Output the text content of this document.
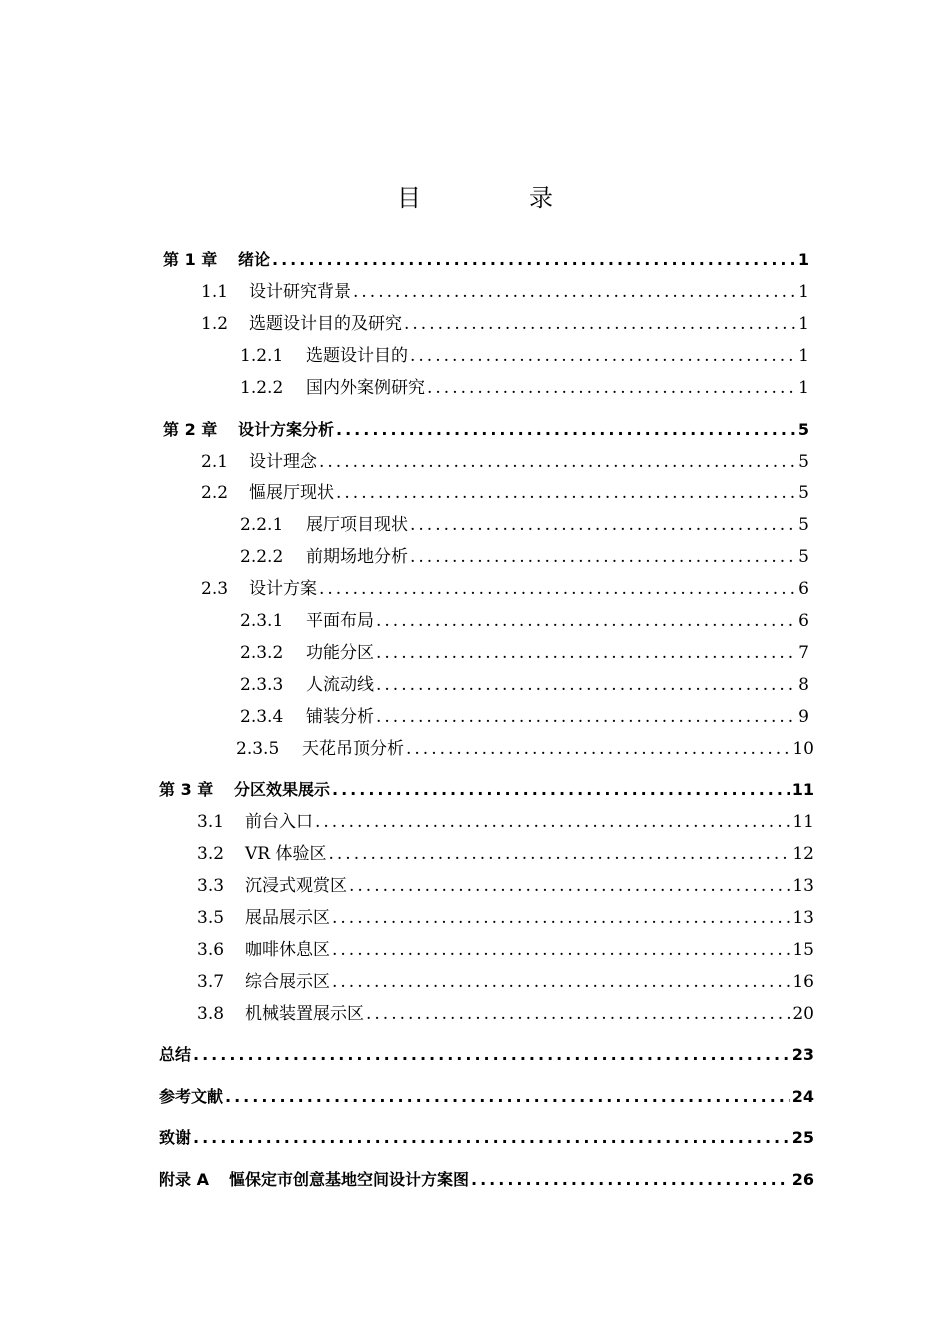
目　录
第 1 章	绪论 .....	1
1.1	设计研究背景 .....	1
1.2	选题设计目的及研究 .....	1
1.2.1	选题设计目的 .....	1
1.2.2	国内外案例研究 .....	1
第 2 章	设计方案分析 .....	5
2.1	设计理念 .....	5
2.2	慪展厅现状 .....	5
2.2.1	展厅项目现状 .....	5
2.2.2	前期场地分析 .....	5
2.3	设计方案 .....	6
2.3.1	平面布局 .....	6
2.3.2	功能分区 .....	7
2.3.3	人流动线 .....	8
2.3.4	铺装分析 .....	9
2.3.5	天花吊顶分析 .....	10
第 3 章	分区效果展示 .....	11
3.1	前台入口 .....	11
3.2	VR 体验区 .....	12
3.3	沉浸式观赏区 .....	13
3.5	展品展示区 .....	13
3.6	咖啡休息区 .....	15
3.7	综合展示区 .....	16
3.8	机械装置展示区 .....	20
总结 .....	23
参考文献 .....	24
致谢 .....	25
附录 A	慪保定市创意基地空间设计方案图 .....	26
